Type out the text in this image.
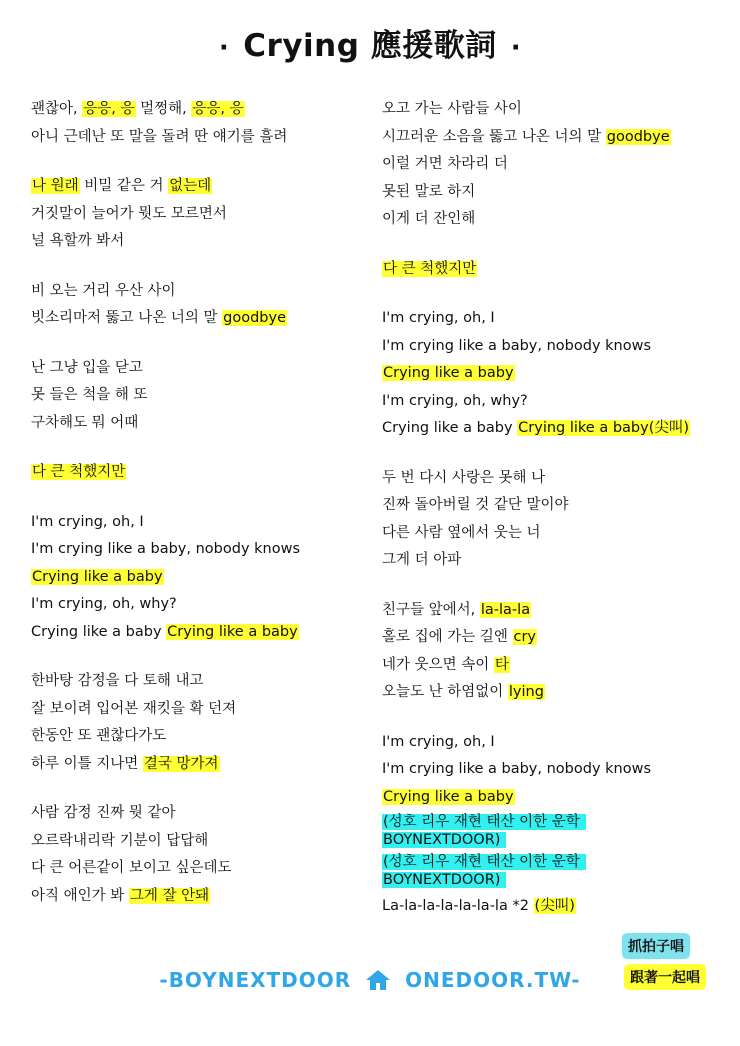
· Crying 應援歌詞 ·
괜찮아, 응응, 응 멀쩡해, 응응, 응
아니 근데난 또 말을 돌려 딴 얘기를 흘려
나 원래 비밀 같은 거 없는데
거짓말이 늘어가 뭣도 모르면서
널 욕할까 봐서
비 오는 거리 우산 사이
빗소리마저 뚫고 나온 너의 말 goodbye
난 그냥 입을 닫고
못 들은 척을 해 또
구차해도 뭐 어때
다 큰 척했지만
I'm crying, oh, I
I'm crying like a baby, nobody knows
Crying like a baby
I'm crying, oh, why?
Crying like a baby Crying like a baby
한바탕 감정을 다 토해 내고
잘 보이려 입어본 재킷을 확 던져
한동안 또 괜찮다가도
하루 이틀 지나면 결국 망가져
사람 감정 진짜 뭣 같아
오르락내리락 기분이 답답해
다 큰 어른같이 보이고 싶은데도
아직 애인가 봐 그게 잘 안돼
오고 가는 사람들 사이
시끄러운 소음을 뚫고 나온 너의 말 goodbye
이럴 거면 차라리 더
못된 말로 하지
이게 더 잔인해
다 큰 척했지만
I'm crying, oh, I
I'm crying like a baby, nobody knows
Crying like a baby
I'm crying, oh, why?
Crying like a baby Crying like a baby(尖叫)
두 번 다시 사랑은 못해 나
진짜 돌아버릴 것 같단 말이야
다른 사람 옆에서 웃는 너
그게 더 아파
친구들 앞에서, la-la-la
홀로 집에 가는 길엔 cry
네가 웃으면 속이 타
오늘도 난 하염없이 lying
I'm crying, oh, I
I'm crying like a baby, nobody knows
Crying like a baby
(성호 리우 재현 태산 이한 운학
BOYNEXTDOOR)
(성호 리우 재현 태산 이한 운학
BOYNEXTDOOR)
La-la-la-la-la-la-la *2 (尖叫)
抓拍子唱
跟著一起唱
-BOYNEXTDOOR	ONEDOOR.TW-
